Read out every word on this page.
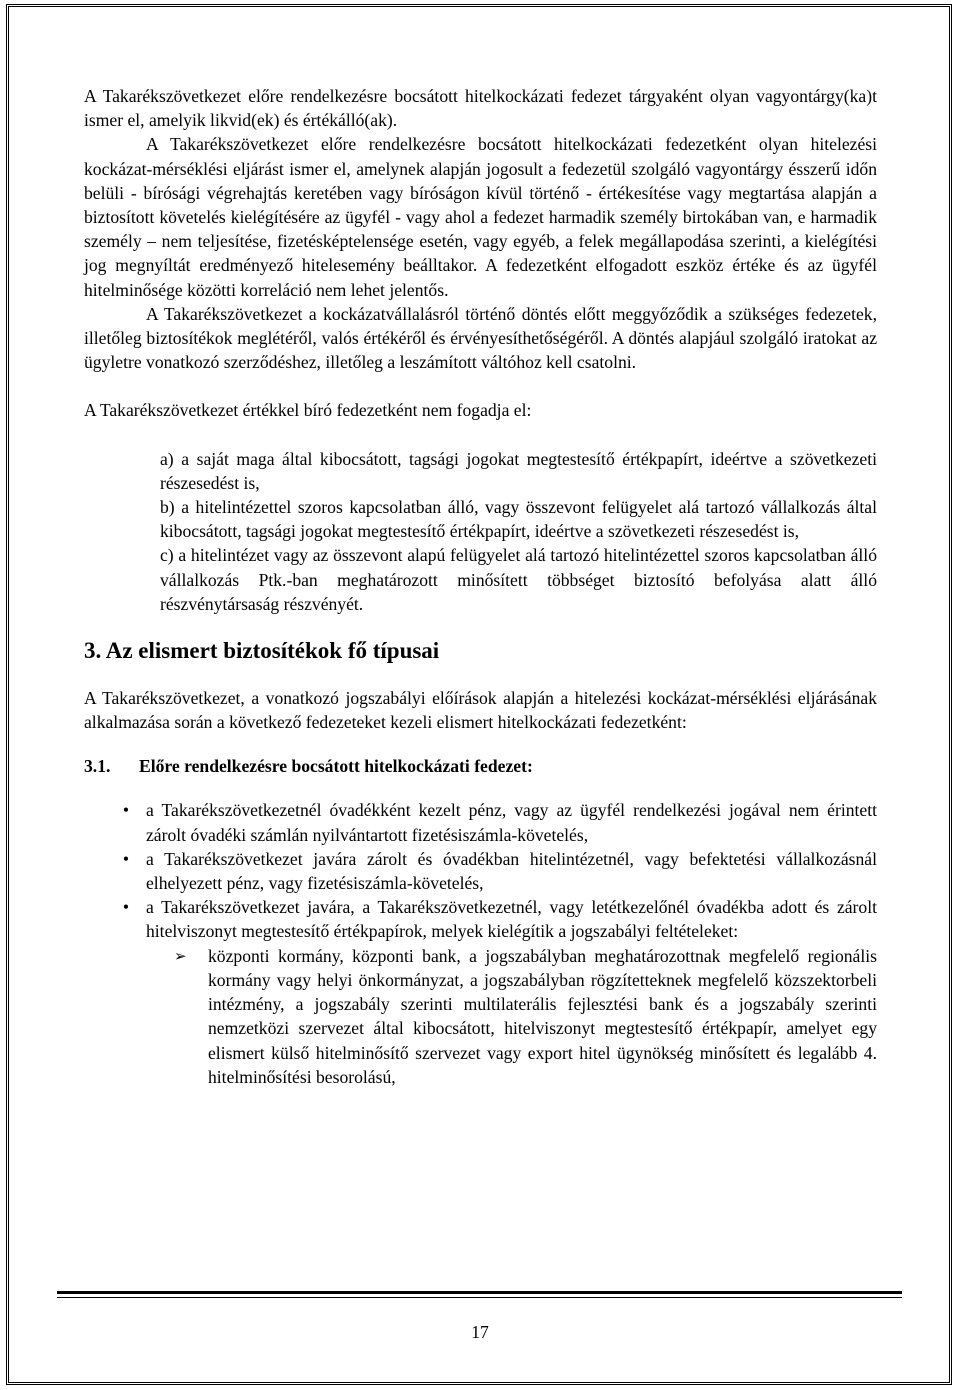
A Takarékszövetkezet előre rendelkezésre bocsátott hitelkockázati fedezet tárgyaként olyan vagyontárgy(ka)t ismer el, amelyik likvid(ek) és értékálló(ak).

A Takarékszövetkezet előre rendelkezésre bocsátott hitelkockázati fedezetként olyan hitelezési kockázat-mérséklési eljárást ismer el, amelynek alapján jogosult a fedezetül szolgáló vagyontárgy ésszerű időn belüli - bírósági végrehajtás keretében vagy bíróságon kívül történő - értékesítése vagy megtartása alapján a biztosított követelés kielégítésére az ügyfél - vagy ahol a fedezet harmadik személy birtokában van, e harmadik személy – nem teljesítése, fizetésképtelensége esetén, vagy egyéb, a felek megállapodása szerinti, a kielégítési jog megnyíltát eredményező hitelesemény beálltakor. A fedezetként elfogadott eszköz értéke és az ügyfél hitelminősége közötti korreláció nem lehet jelentős.

A Takarékszövetkezet a kockázatvállalásról történő döntés előtt meggyőződik a szükséges fedezetek, illetőleg biztosítékok meglétéről, valós értékéről és érvényesíthetőségéről. A döntés alapjául szolgáló iratokat az ügyletre vonatkozó szerződéshez, illetőleg a leszámított váltóhoz kell csatolni.

A Takarékszövetkezet értékkel bíró fedezetként nem fogadja el:

a) a saját maga által kibocsátott, tagsági jogokat megtestesítő értékpapírt, ideértve a szövetkezeti részesedést is,

b) a hitelintézettel szoros kapcsolatban álló, vagy összevont felügyelet alá tartozó vállalkozás által kibocsátott, tagsági jogokat megtestesítő értékpapírt, ideértve a szövetkezeti részesedést is,

c) a hitelintézet vagy az összevont alapú felügyelet alá tartozó hitelintézettel szoros kapcsolatban álló vállalkozás Ptk.-ban meghatározott minősített többséget biztosító befolyása alatt álló részvénytársaság részvényét.

3. Az elismert biztosítékok fő típusai

A Takarékszövetkezet, a vonatkozó jogszabályi előírások alapján a hitelezési kockázat-mérséklési eljárásának alkalmazása során a következő fedezeteket kezeli elismert hitelkockázati fedezetként:

3.1. Előre rendelkezésre bocsátott hitelkockázati fedezet:
• a Takarékszövetkezetnél óvadékként kezelt pénz, vagy az ügyfél rendelkezési jogával nem érintett zárolt óvadéki számlán nyilvántartott fizetésiszámla-követelés,
• a Takarékszövetkezet javára zárolt és óvadékban hitelintézetnél, vagy befektetési vállalkozásnál elhelyezett pénz, vagy fizetésiszámla-követelés,
• a Takarékszövetkezet javára, a Takarékszövetkezetnél, vagy letétkezelőnél óvadékba adott és zárolt hitelviszonyt megtestesítő értékpapírok, melyek kielégítik a jogszabályi feltételeket:
➢ központi kormány, központi bank, a jogszabályban meghatározottnak megfelelő regionális kormány vagy helyi önkormányzat, a jogszabályban rögzítetteknek megfelelő közszektorbeli intézmény, a jogszabály szerinti multilaterális fejlesztési bank és a jogszabály szerinti nemzetközi szervezet által kibocsátott, hitelviszonyt megtestesítő értékpapír, amelyet egy elismert külső hitelminősítő szervezet vagy export hitel ügynökség minősített és legalább 4. hitelminősítési besorolású,
17
